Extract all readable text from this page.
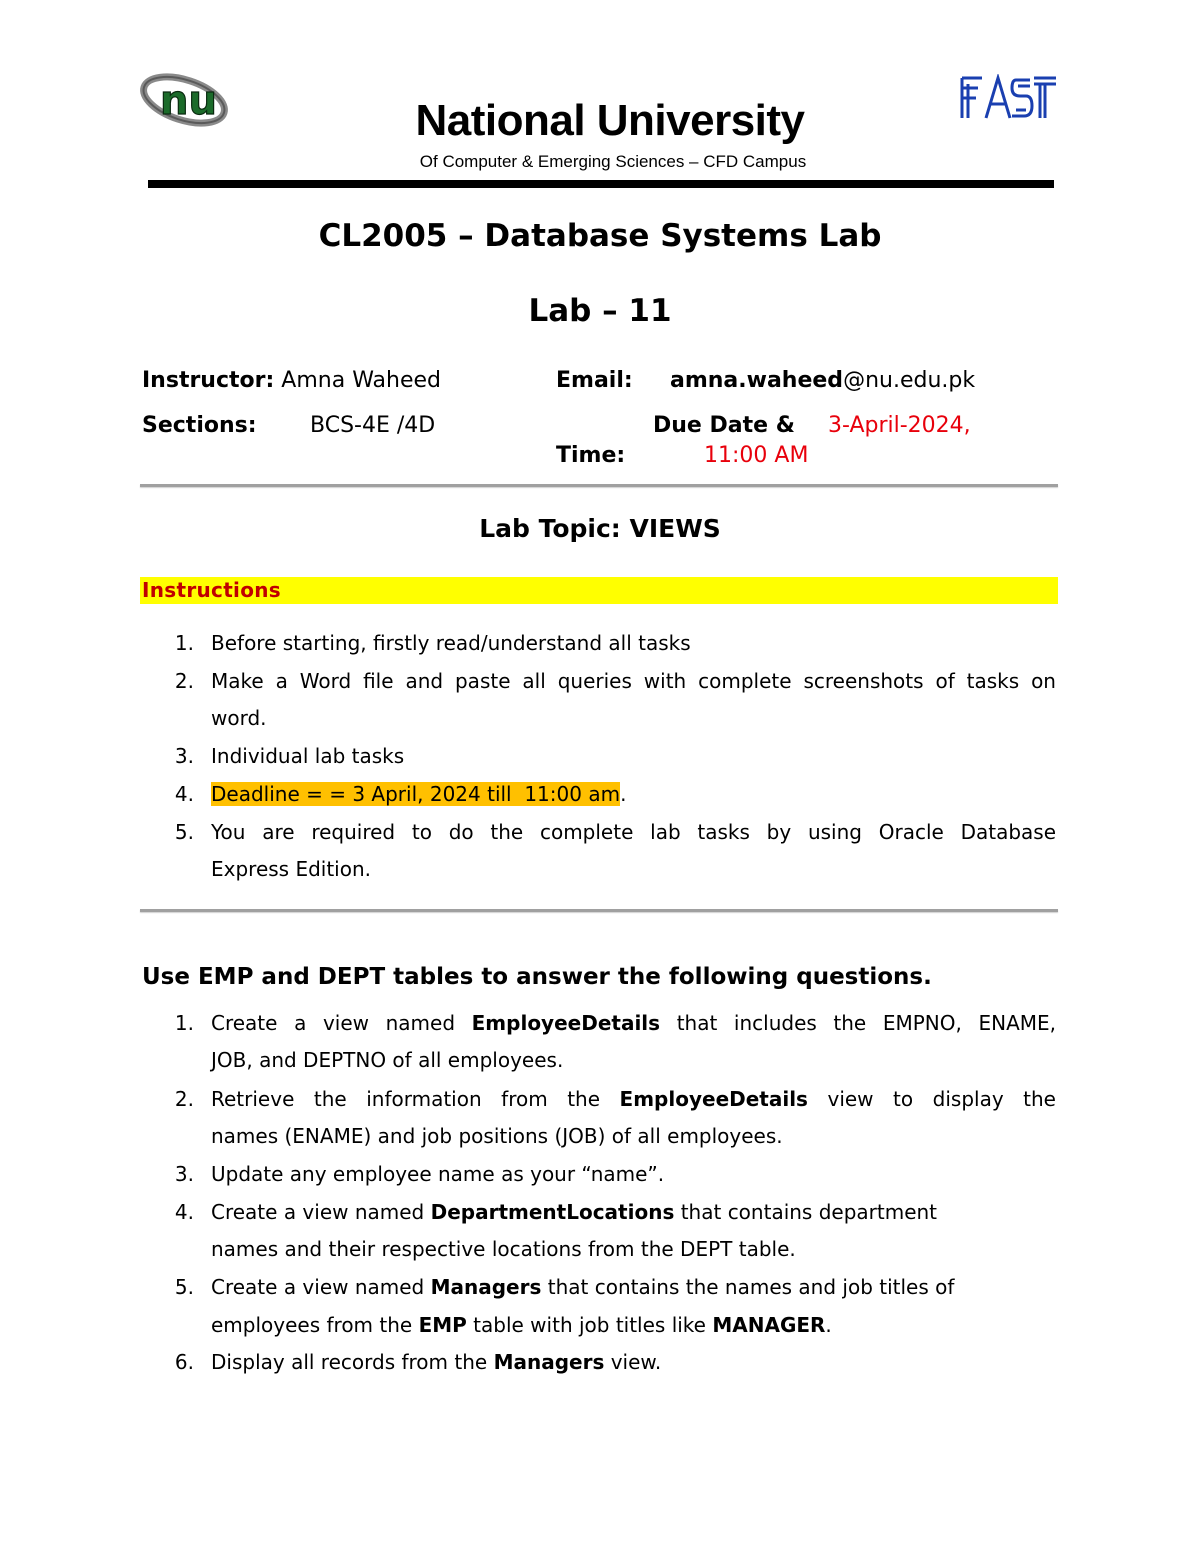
nu	National University
Of Computer & Emerging Sciences – CFD Campus
CL2005 – Database Systems Lab
Lab – 11
Instructor: Amna Waheed	Email: amna.waheed@nu.edu.pk
Sections: BCS-4E /4D	Due Date & 3-April-2024,
Time:	11:00 AM
Lab Topic: VIEWS
Instructions
1. Before starting, firstly read/understand all tasks
2. Make a Word file and paste all queries with complete screenshots of tasks on
word.
3. Individual lab tasks
4. Deadline = = 3 April, 2024 till  11:00 am.
5. You are required to do the complete lab tasks by using Oracle Database
Express Edition.
Use EMP and DEPT tables to answer the following questions.
1. Create a view named EmployeeDetails that includes the EMPNO, ENAME,
JOB, and DEPTNO of all employees.
2. Retrieve the information from the EmployeeDetails view to display the
names (ENAME) and job positions (JOB) of all employees.
3. Update any employee name as your “name”.
4. Create a view named DepartmentLocations that contains department
names and their respective locations from the DEPT table.
5. Create a view named Managers that contains the names and job titles of
employees from the EMP table with job titles like MANAGER.
6. Display all records from the Managers view.
